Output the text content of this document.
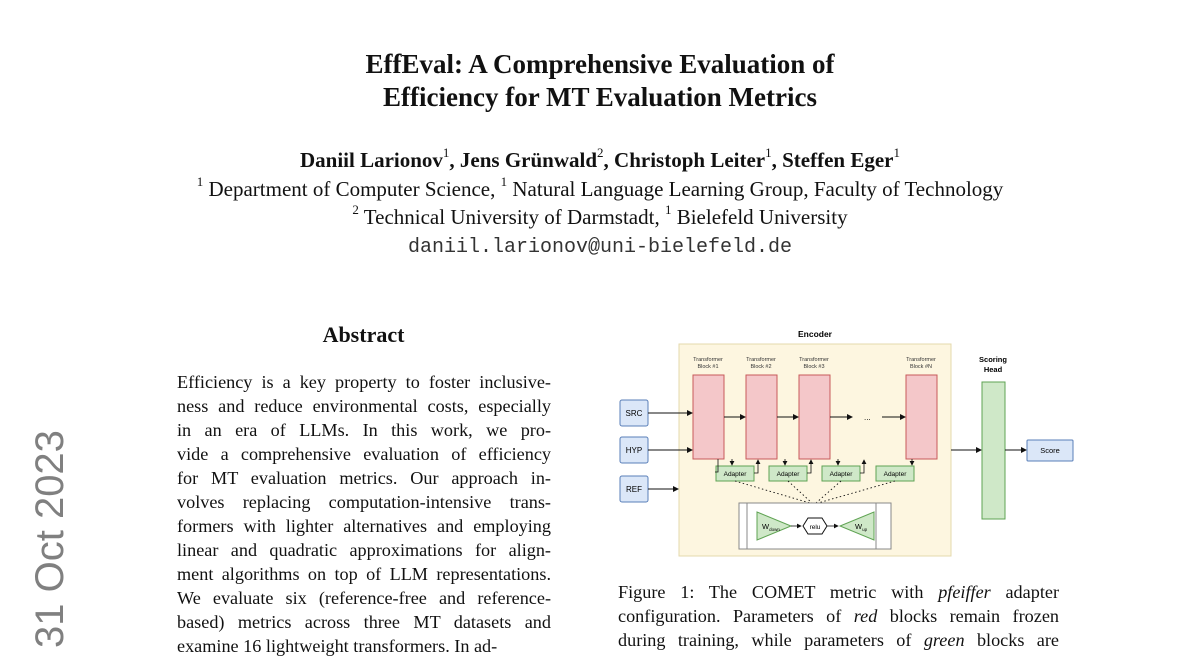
EffEval: A Comprehensive Evaluation of
Efficiency for MT Evaluation Metrics
Daniil Larionov$^1$, Jens Grünwald$^2$, Christoph Leiter$^1$, Steffen Eger$^1$
$^1$ Department of Computer Science, $^1$ Natural Language Learning Group, Faculty of Technology
$^2$ Technical University of Darmstadt, $^1$ Bielefeld University
daniil.larionov@uni-bielefeld.de
31 Oct 2023
Abstract
Efficiency is a key property to foster inclusive-
ness and reduce environmental costs, especially
in an era of LLMs. In this work, we pro-
vide a comprehensive evaluation of efficiency
for MT evaluation metrics. Our approach in-
volves replacing computation-intensive trans-
formers with lighter alternatives and employing
linear and quadratic approximations for align-
ment algorithms on top of LLM representations.
We evaluate six (reference-free and reference-
based) metrics across three MT datasets and
examine 16 lightweight transformers. In ad-
Encoder
Transformer
Block #1
Transformer
Block #2
Transformer
Block #3
Transformer
Block #N
...
SRC
HYP
REF
Adapter	Adapter	Adapter	Adapter
$W_{down}$	relu	$W_{up}$
Scoring
Head
Score
Figure 1: The COMET metric with pfeiffer adapter
configuration. Parameters of red blocks remain frozen
during training, while parameters of green blocks are
